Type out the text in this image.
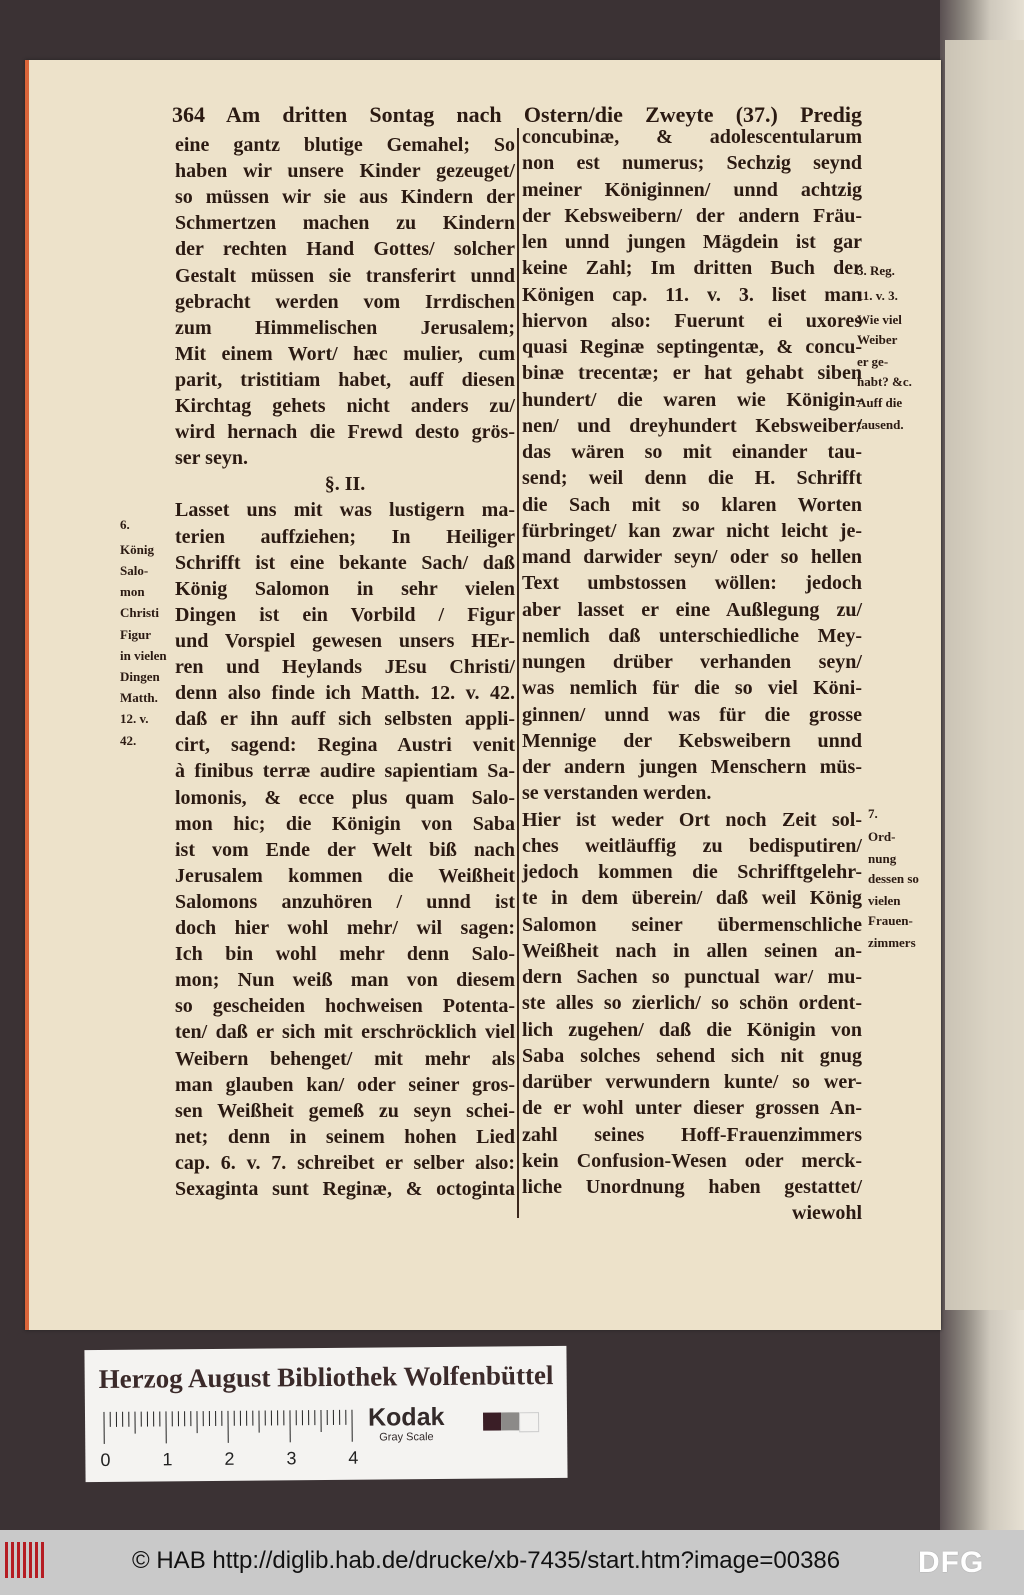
364 Am dritten Sontag nach Ostern/die Zweyte (37.) Predig
eine gantz blutige Gemahel; So
haben wir unsere Kinder gezeuget/
so müssen wir sie aus Kindern der
Schmertzen machen zu Kindern
der rechten Hand Gottes/ solcher
Gestalt müssen sie transferirt unnd
gebracht werden vom Irrdischen
zum Himmelischen Jerusalem;
Mit einem Wort/ hæc mulier, cum
parit, tristitiam habet, auff diesen
Kirchtag gehets nicht anders zu/
wird hernach die Frewd desto grös-
ser seyn.
§. II.
Lasset uns mit was lustigern ma-
terien auffziehen; In Heiliger
Schrifft ist eine bekante Sach/ daß
König Salomon in sehr vielen
Dingen ist ein Vorbild / Figur
und Vorspiel gewesen unsers HEr-
ren und Heylands JEsu Christi/
denn also finde ich Matth. 12. v. 42.
daß er ihn auff sich selbsten appli-
cirt, sagend: Regina Austri venit
à finibus terræ audire sapientiam Sa-
lomonis, & ecce plus quam Salo-
mon hic; die Königin von Saba
ist vom Ende der Welt biß nach
Jerusalem kommen die Weißheit
Salomons anzuhören / unnd ist
doch hier wohl mehr/ wil sagen:
Ich bin wohl mehr denn Salo-
mon; Nun weiß man von diesem
so gescheiden hochweisen Potenta-
ten/ daß er sich mit erschröcklich viel
Weibern behenget/ mit mehr als
man glauben kan/ oder seiner gros-
sen Weißheit gemeß zu seyn schei-
net; denn in seinem hohen Lied
cap. 6. v. 7. schreibet er selber also:
Sexaginta sunt Reginæ, & octoginta
concubinæ, & adolescentularum
non est numerus; Sechzig seynd
meiner Königinnen/ unnd achtzig
der Kebsweibern/ der andern Fräu-
len unnd jungen Mägdein ist gar
keine Zahl; Im dritten Buch der
Königen cap. 11. v. 3. liset man
hiervon also: Fuerunt ei uxores
quasi Reginæ septingentæ, & concu-
binæ trecentæ; er hat gehabt siben
hundert/ die waren wie Königin-
nen/ und dreyhundert Kebsweiber/
das wären so mit einander tau-
send; weil denn die H. Schrifft
die Sach mit so klaren Worten
fürbringet/ kan zwar nicht leicht je-
mand darwider seyn/ oder so hellen
Text umbstossen wöllen: jedoch
aber lasset er eine Außlegung zu/
nemlich daß unterschiedliche Mey-
nungen drüber verhanden seyn/
was nemlich für die so viel Köni-
ginnen/ unnd was für die grosse
Mennige der Kebsweibern unnd
der andern jungen Menschern müs-
se verstanden werden.
Hier ist weder Ort noch Zeit sol-
ches weitläuffig zu bedisputiren/
jedoch kommen die Schrifftgelehr-
te in dem überein/ daß weil König
Salomon seiner übermenschliche
Weißheit nach in allen seinen an-
dern Sachen so punctual war/ mu-
ste alles so zierlich/ so schön ordent-
lich zugehen/ daß die Königin von
Saba solches sehend sich nit gnug
darüber verwundern kunte/ so wer-
de er wohl unter dieser grossen An-
zahl seines Hoff-Frauenzimmers
kein Confusion-Wesen oder merck-
liche Unordnung haben gestattet/
wiewohl
6.
König
Salo-
mon
Christi
Figur
in vielen
Dingen
Matth.
12. v.
42.
3. Reg.
11. v. 3.
Wie viel
Weiber
er ge-
habt? &c.
Auff die
tausend.
7.
Ord-
nung
dessen so
vielen
Frauen-
zimmers
Herzog August Bibliothek Wolfenbüttel
0	1	2	3	4
Kodak
Gray Scale
© HAB http://diglib.hab.de/drucke/xb-7435/start.htm?image=00386	DFG
